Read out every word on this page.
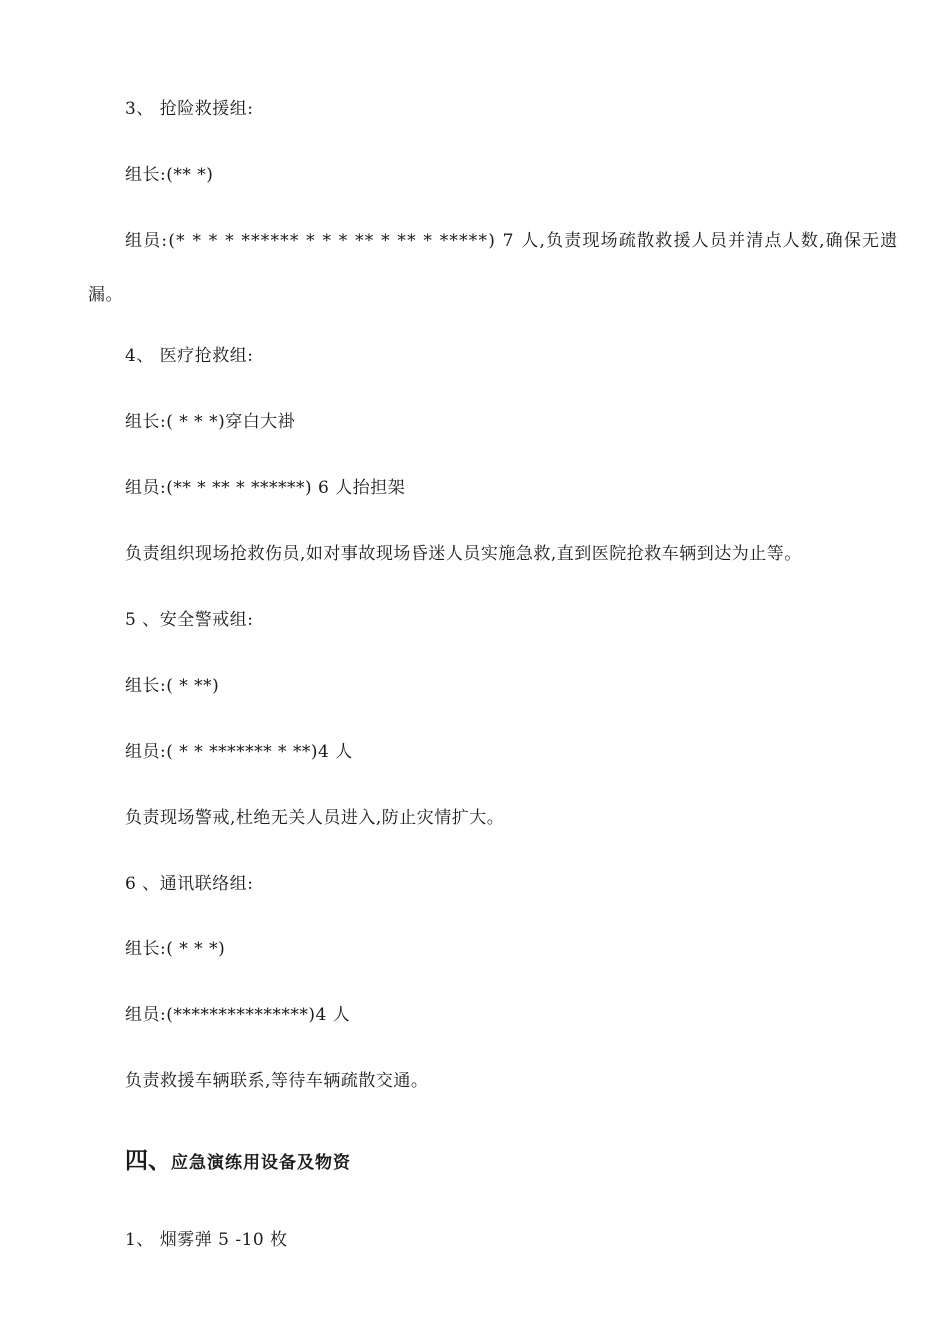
3、 抢险救援组:
组长:(** *)
组员:(* * * * ****** * * * ** * ** * *****) 7 人,负责现场疏散救援人员并清点人数,确保无遗
漏。
4、 医疗抢救组:
组长:( * * *)穿白大褂
组员:(** * ** * ******) 6 人抬担架
负责组织现场抢救伤员,如对事故现场昏迷人员实施急救,直到医院抢救车辆到达为止等。
5 、安全警戒组:
组长:( * **)
组员:( * * ******* * **)4 人
负责现场警戒,杜绝无关人员进入,防止灾情扩大。
6 、通讯联络组:
组长:( * * *)
组员:(***************)4 人
负责救援车辆联系,等待车辆疏散交通。
四、应急演练用设备及物资
1、 烟雾弹 5 -10 枚
